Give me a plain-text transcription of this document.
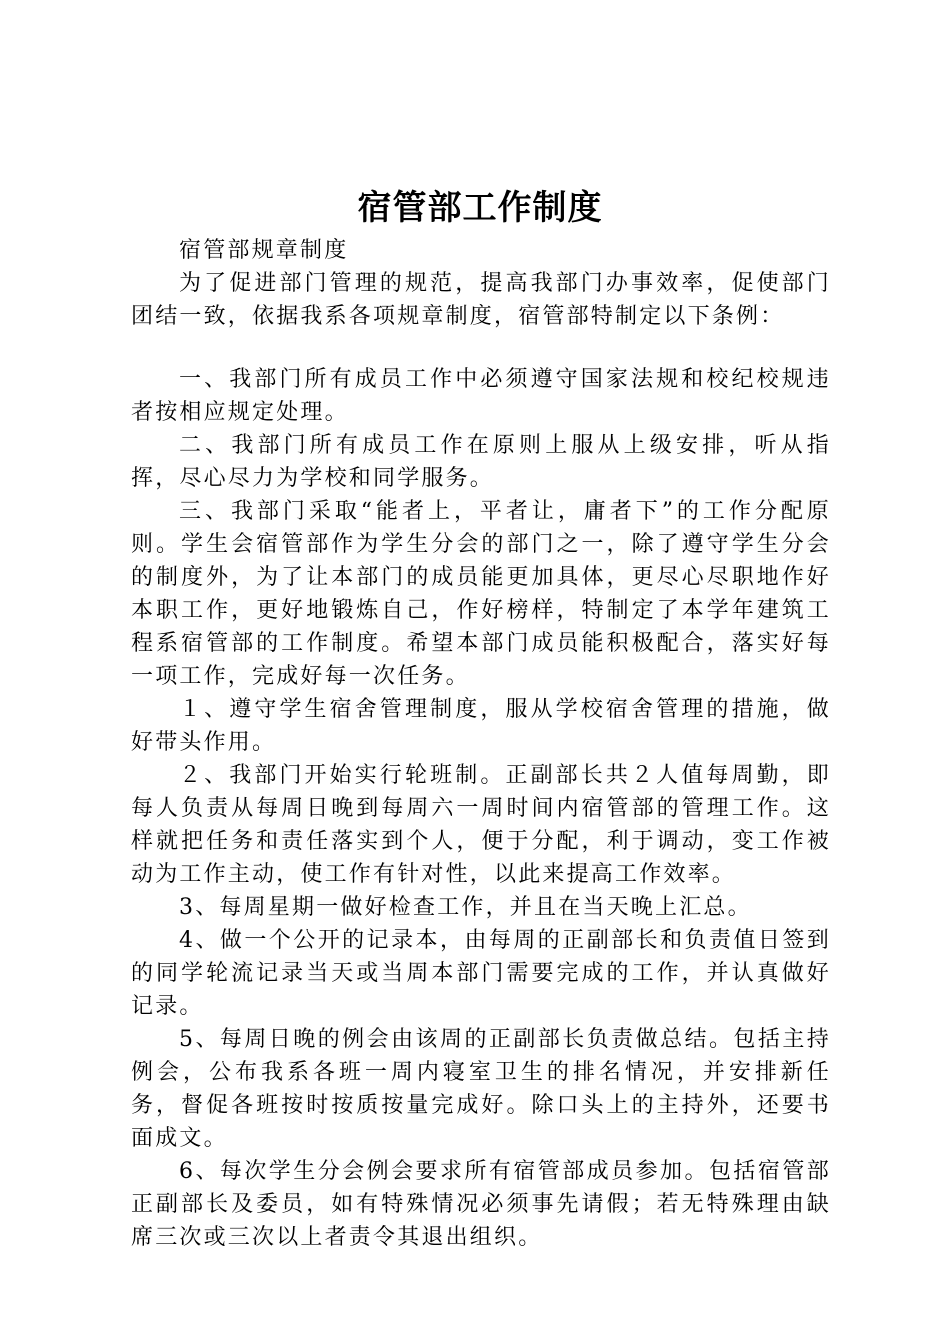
宿管部工作制度

宿管部规章制度

为了促进部门管理的规范，提高我部门办事效率，促使部门团结一致，依据我系各项规章制度，宿管部特制定以下条例：

一、我部门所有成员工作中必须遵守国家法规和校纪校规违者按相应规定处理。

二、我部门所有成员工作在原则上服从上级安排，听从指挥，尽心尽力为学校和同学服务。

三、我部门采取“能者上，平者让，庸者下”的工作分配原则。学生会宿管部作为学生分会的部门之一，除了遵守学生分会的制度外，为了让本部门的成员能更加具体，更尽心尽职地作好本职工作，更好地锻炼自己，作好榜样，特制定了本学年建筑工程系宿管部的工作制度。希望本部门成员能积极配合，落实好每一项工作，完成好每一次任务。

１、遵守学生宿舍管理制度，服从学校宿舍管理的措施，做好带头作用。

２、我部门开始实行轮班制。正副部长共２人值每周勤，即每人负责从每周日晚到每周六一周时间内宿管部的管理工作。这样就把任务和责任落实到个人，便于分配，利于调动，变工作被动为工作主动，使工作有针对性，以此来提高工作效率。

3、每周星期一做好检查工作，并且在当天晚上汇总。

4、做一个公开的记录本，由每周的正副部长和负责值日签到的同学轮流记录当天或当周本部门需要完成的工作，并认真做好记录。

5、每周日晚的例会由该周的正副部长负责做总结。包括主持例会，公布我系各班一周内寝室卫生的排名情况，并安排新任务，督促各班按时按质按量完成好。除口头上的主持外，还要书面成文。

6、每次学生分会例会要求所有宿管部成员参加。包括宿管部正副部长及委员，如有特殊情况必须事先请假；若无特殊理由缺席三次或三次以上者责令其退出组织。
